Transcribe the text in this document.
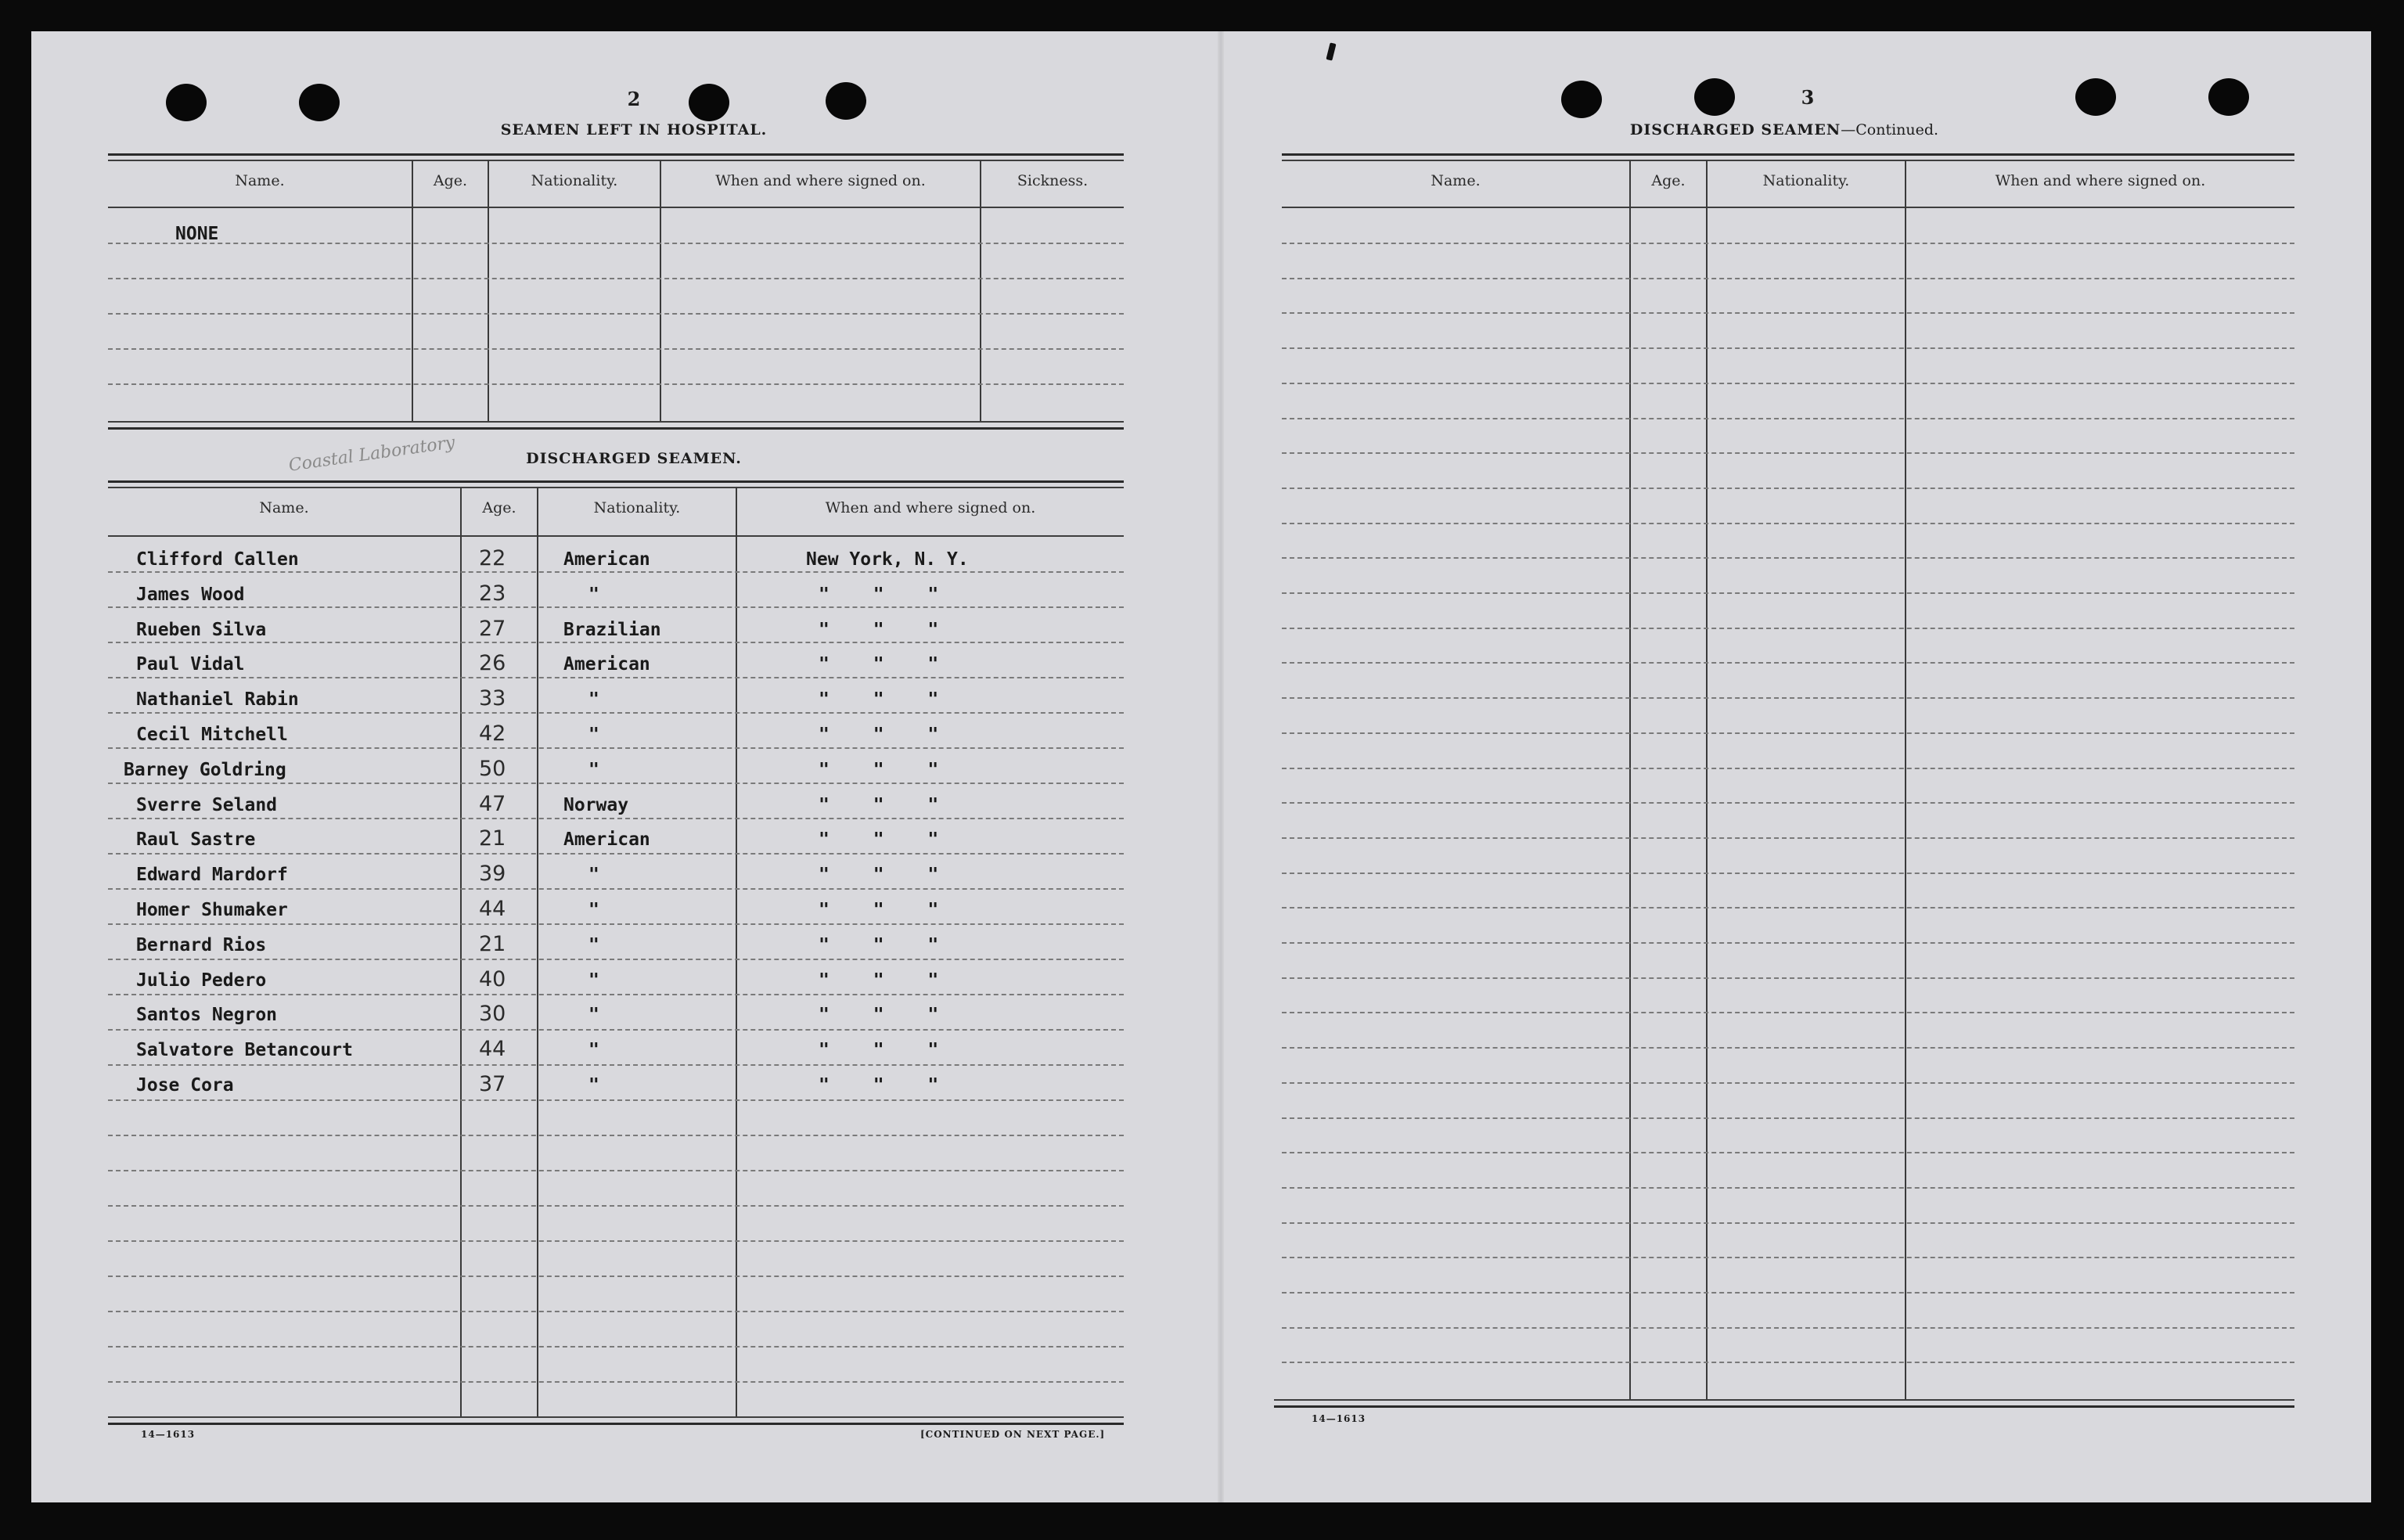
2
SEAMEN LEFT IN HOSPITAL.
Name.	Age.	Nationality.	When and where signed on.	Sickness.
NONE
DISCHARGED SEAMEN.
Coastal Laboratory
Name.	Age.	Nationality.	When and where signed on.
Clifford Callen	22	American	New York, N. Y.
James Wood	23	"	" " "
Rueben Silva	27	Brazilian	" " "
Paul Vidal	26	American	" " "
Nathaniel Rabin	33	"	" " "
Cecil Mitchell	42	"	" " "
Barney Goldring	50	"	" " "
Sverre Seland	47	Norway	" " "
Raul Sastre	21	American	" " "
Edward Mardorf	39	"	" " "
Homer Shumaker	44	"	" " "
Bernard Rios	21	"	" " "
Julio Pedero	40	"	" " "
Santos Negron	30	"	" " "
Salvatore Betancourt	44	"	" " "
Jose Cora	37	"	" " "
14—1613	[CONTINUED ON NEXT PAGE.]
3
DISCHARGED SEAMEN—Continued.
Name.	Age.	Nationality.	When and where signed on.
14—1613
